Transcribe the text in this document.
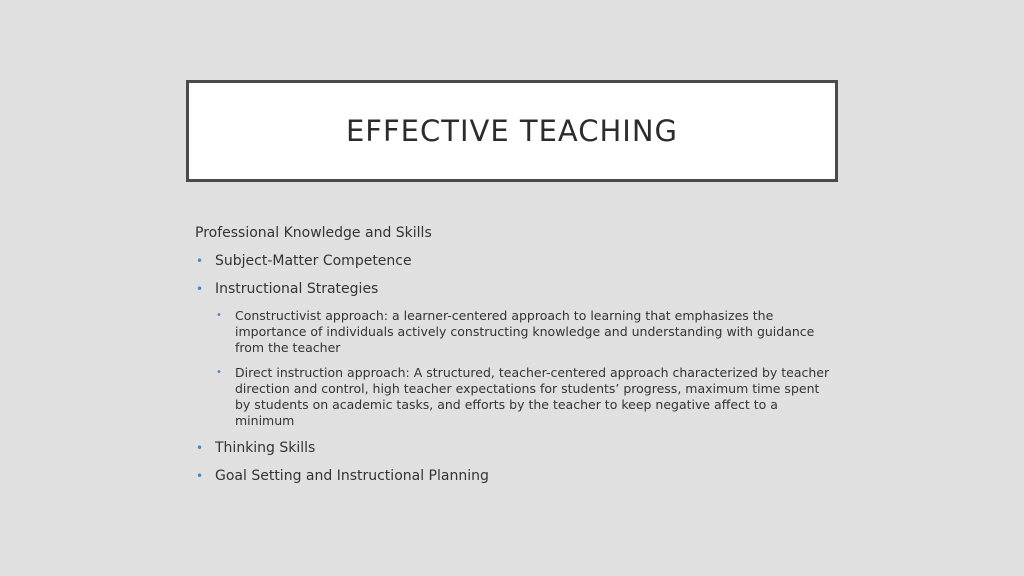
EFFECTIVE TEACHING
Professional Knowledge and Skills
• Subject-Matter Competence
• Instructional Strategies
• Constructivist approach: a learner-centered approach to learning that emphasizes the importance of individuals actively constructing knowledge and understanding with guidance from the teacher
• Direct instruction approach: A structured, teacher-centered approach characterized by teacher direction and control, high teacher expectations for students’ progress, maximum time spent by students on academic tasks, and efforts by the teacher to keep negative affect to a minimum
• Thinking Skills
• Goal Setting and Instructional Planning
